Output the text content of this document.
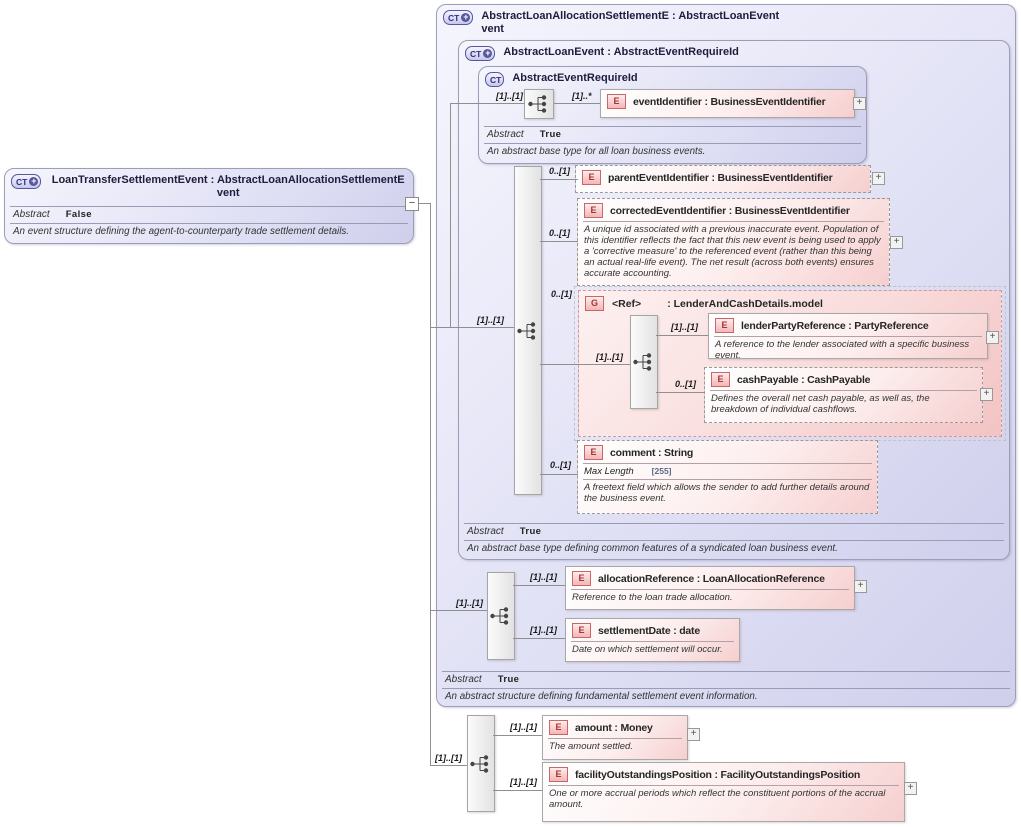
CT + LoanTransferSettlementEvent : AbstractLoanAllocationSettlementE
vent
Abstract False
An event structure defining the agent-to-counterparty trade settlement details.
CT + AbstractLoanAllocationSettlementE : AbstractLoanEvent
vent
Abstract True
An abstract structure defining fundamental settlement event information.
CT + AbstractLoanEvent : AbstractEventRequireId
Abstract True
An abstract base type defining common features of a syndicated loan business event.
CT AbstractEventRequireId
Abstract True
An abstract base type for all loan business events.
G	<Ref> : LenderAndCashDetails.model
E	eventIdentifier : BusinessEventIdentifier
E	parentEventIdentifier : BusinessEventIdentifier
E	correctedEventIdentifier : BusinessEventIdentifier
A unique id associated with a previous inaccurate event. Population of this identifier reflects the fact that this new event is being used to apply a 'corrective measure' to the referenced event (rather than this being an actual real-life event). The net result (across both events) ensures accurate accounting.
E	lenderPartyReference : PartyReference
A reference to the lender associated with a specific business event.
E	cashPayable : CashPayable
Defines the overall net cash payable, as well as, the breakdown of individual cashflows.
E	comment : String
Max Length [255]
A freetext field which allows the sender to add further details around the business event.
E	allocationReference : LoanAllocationReference
Reference to the loan trade allocation.
E	settlementDate : date
Date on which settlement will occur.
E	amount : Money
The amount settled.
E	facilityOutstandingsPosition : FacilityOutstandingsPosition
One or more accrual periods which reflect the constituent portions of the accrual amount.
[1]..[1]	[1]..*
[1]..[1]
0..[1]
0..[1]
0..[1]
[1]..[1]
[1]..[1]
0..[1]
0..[1]
[1]..[1]
[1]..[1]
[1]..[1]
[1]..[1]
[1]..[1]
[1]..[1]
−
+
+
+
+
+
+
+
+
